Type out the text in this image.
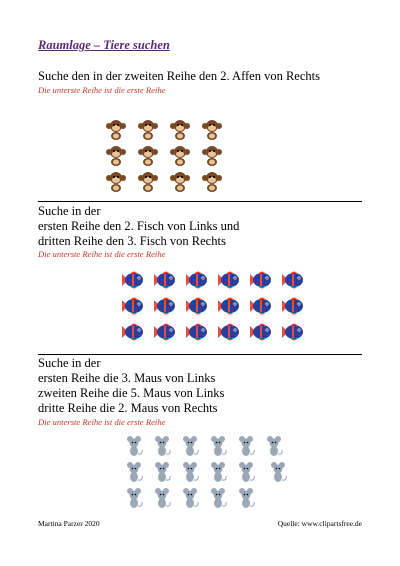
Raumlage – Tiere suchen
Suche den in der zweiten Reihe den 2. Affen von Rechts
Die unterste Reihe ist die erste Reihe
Suche in der
ersten Reihe den 2. Fisch von Links und
dritten Reihe den 3. Fisch von Rechts
Die unterste Reihe ist die erste Reihe
Suche in der
ersten Reihe die 3. Maus von Links
zweiten Reihe die 5. Maus von Links
dritte Reihe die 2. Maus von Rechts
Die unterste Reihe ist die erste Reihe
Martina Parzer 2020	Quelle: www.clipartsfree.de
